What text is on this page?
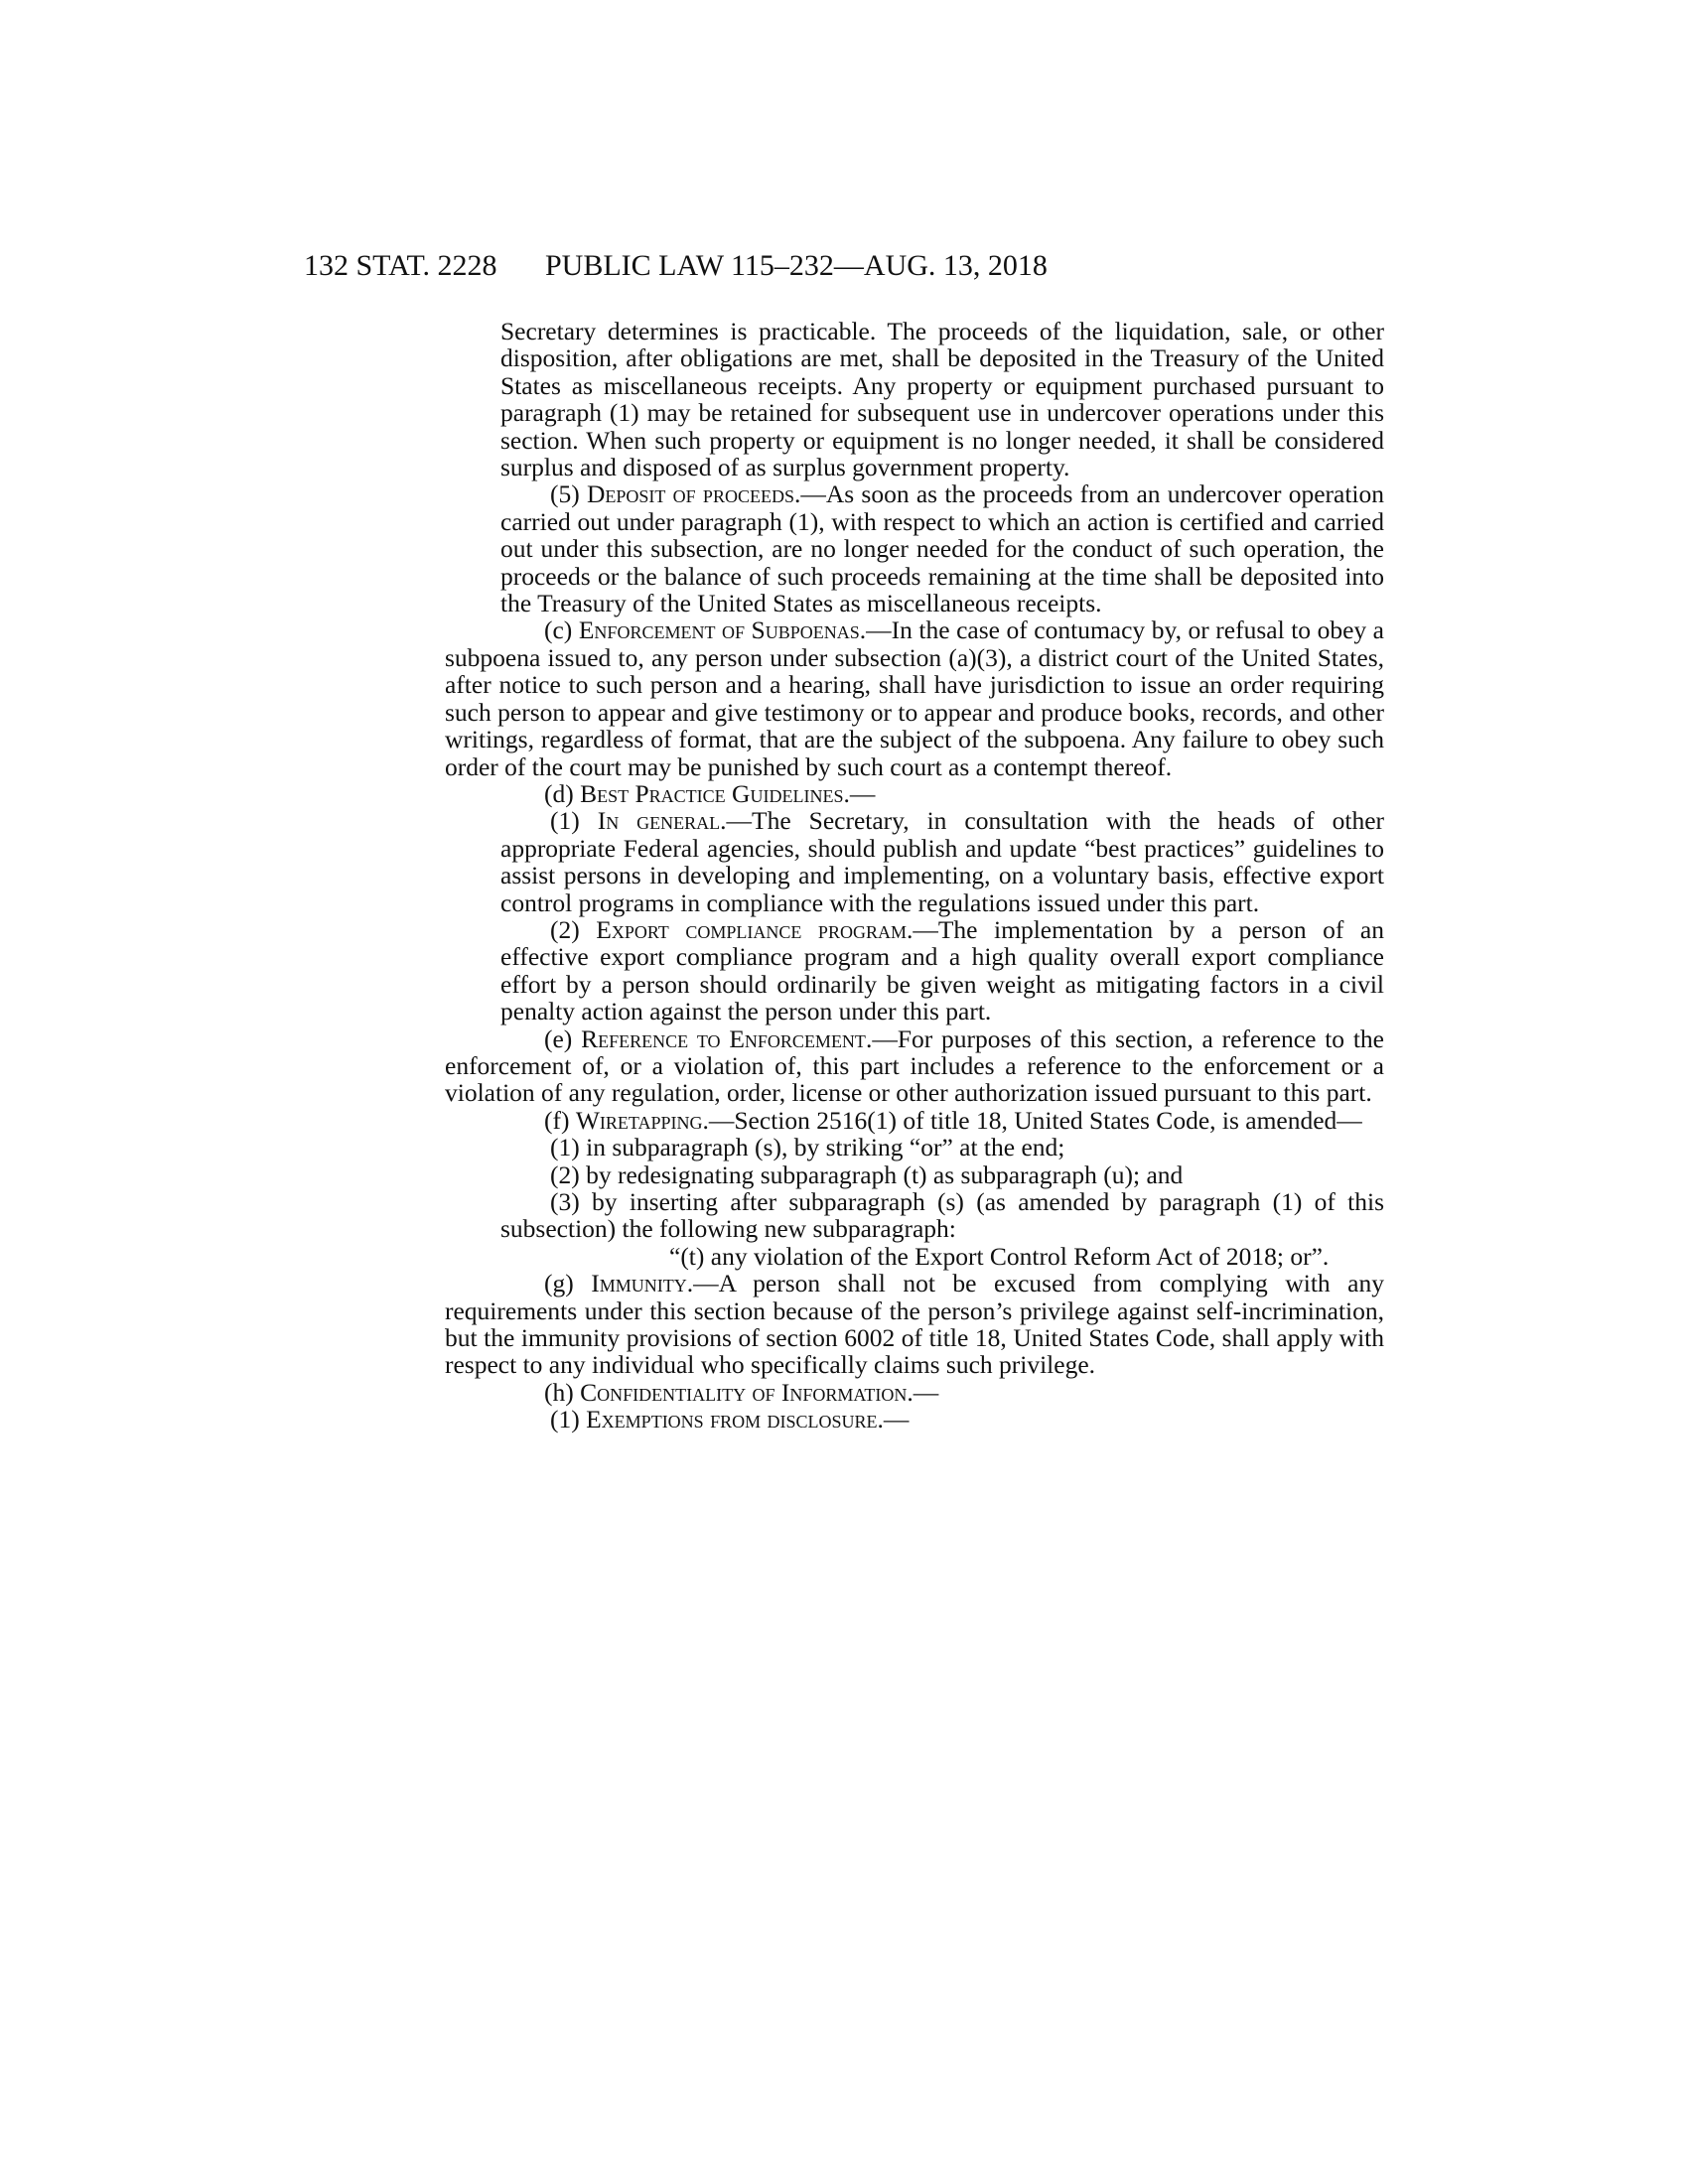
132 STAT. 2228 PUBLIC LAW 115–232—AUG. 13, 2018

Secretary determines is practicable. The proceeds of the liquidation, sale, or other disposition, after obligations are met, shall be deposited in the Treasury of the United States as miscellaneous receipts. Any property or equipment purchased pursuant to paragraph (1) may be retained for subsequent use in undercover operations under this section. When such property or equipment is no longer needed, it shall be considered surplus and disposed of as surplus government property.

(5) Deposit of proceeds.—As soon as the proceeds from an undercover operation carried out under paragraph (1), with respect to which an action is certified and carried out under this subsection, are no longer needed for the conduct of such operation, the proceeds or the balance of such proceeds remaining at the time shall be deposited into the Treasury of the United States as miscellaneous receipts.

(c) Enforcement of Subpoenas.—In the case of contumacy by, or refusal to obey a subpoena issued to, any person under subsection (a)(3), a district court of the United States, after notice to such person and a hearing, shall have jurisdiction to issue an order requiring such person to appear and give testimony or to appear and produce books, records, and other writings, regardless of format, that are the subject of the subpoena. Any failure to obey such order of the court may be punished by such court as a contempt thereof.

(d) Best Practice Guidelines.—

(1) In general.—The Secretary, in consultation with the heads of other appropriate Federal agencies, should publish and update “best practices” guidelines to assist persons in developing and implementing, on a voluntary basis, effective export control programs in compliance with the regulations issued under this part.

(2) Export compliance program.—The implementation by a person of an effective export compliance program and a high quality overall export compliance effort by a person should ordinarily be given weight as mitigating factors in a civil penalty action against the person under this part.

(e) Reference to Enforcement.—For purposes of this section, a reference to the enforcement of, or a violation of, this part includes a reference to the enforcement or a violation of any regulation, order, license or other authorization issued pursuant to this part.

(f) Wiretapping.—Section 2516(1) of title 18, United States Code, is amended—

(1) in subparagraph (s), by striking “or” at the end;

(2) by redesignating subparagraph (t) as subparagraph (u); and

(3) by inserting after subparagraph (s) (as amended by paragraph (1) of this subsection) the following new subparagraph:

“(t) any violation of the Export Control Reform Act of 2018; or”.

(g) Immunity.—A person shall not be excused from complying with any requirements under this section because of the person’s privilege against self-incrimination, but the immunity provisions of section 6002 of title 18, United States Code, shall apply with respect to any individual who specifically claims such privilege.

(h) Confidentiality of Information.—

(1) Exemptions from disclosure.—
